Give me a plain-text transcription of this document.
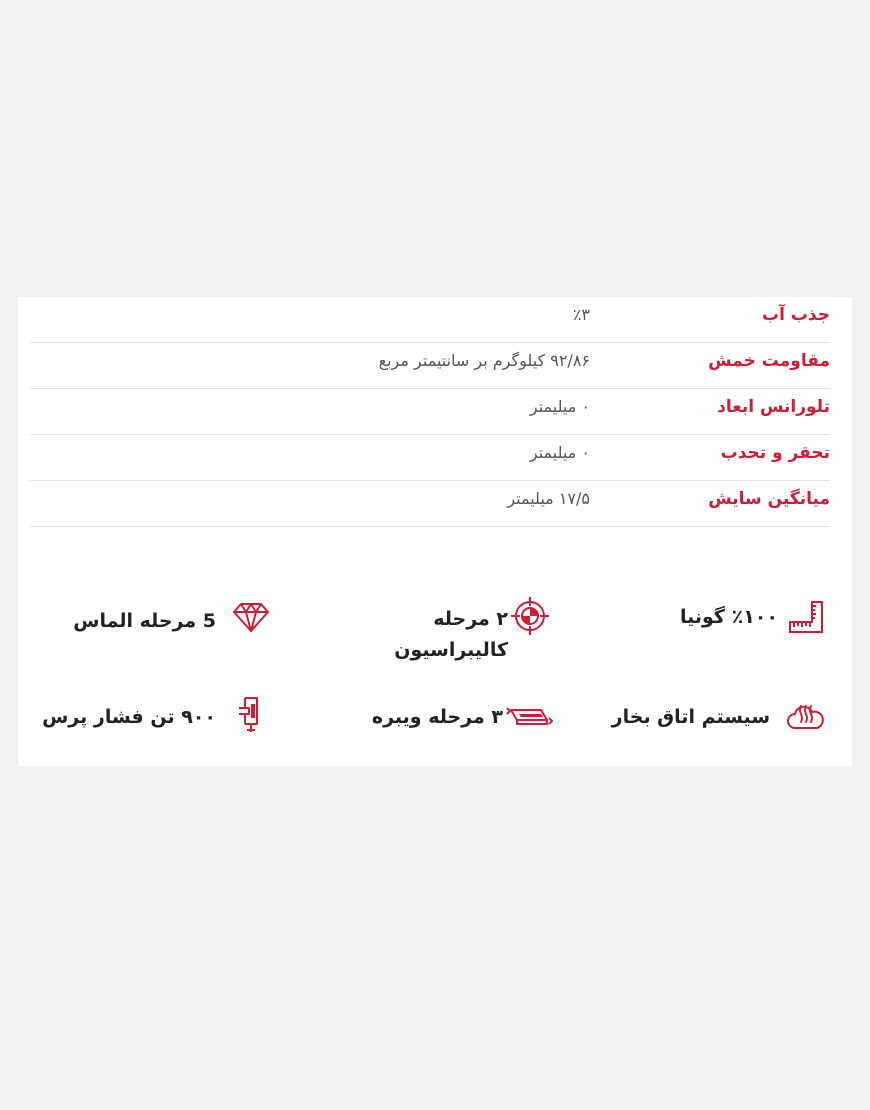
جذب آب
٪۳
مقاومت خمش
۹۲/۸۶ کیلوگرم بر سانتیمتر مربع
تلورانس ابعاد
۰ میلیمتر
تحقر و تحدب
۰ میلیمتر
میانگین سایش
۱۷/۵ میلیمتر
٪۱۰۰ گونیا
۲ مرحله
کالیبراسیون
5 مرحله الماس
سیستم اتاق بخار
۳ مرحله ویبره
۹۰۰ تن فشار پرس
